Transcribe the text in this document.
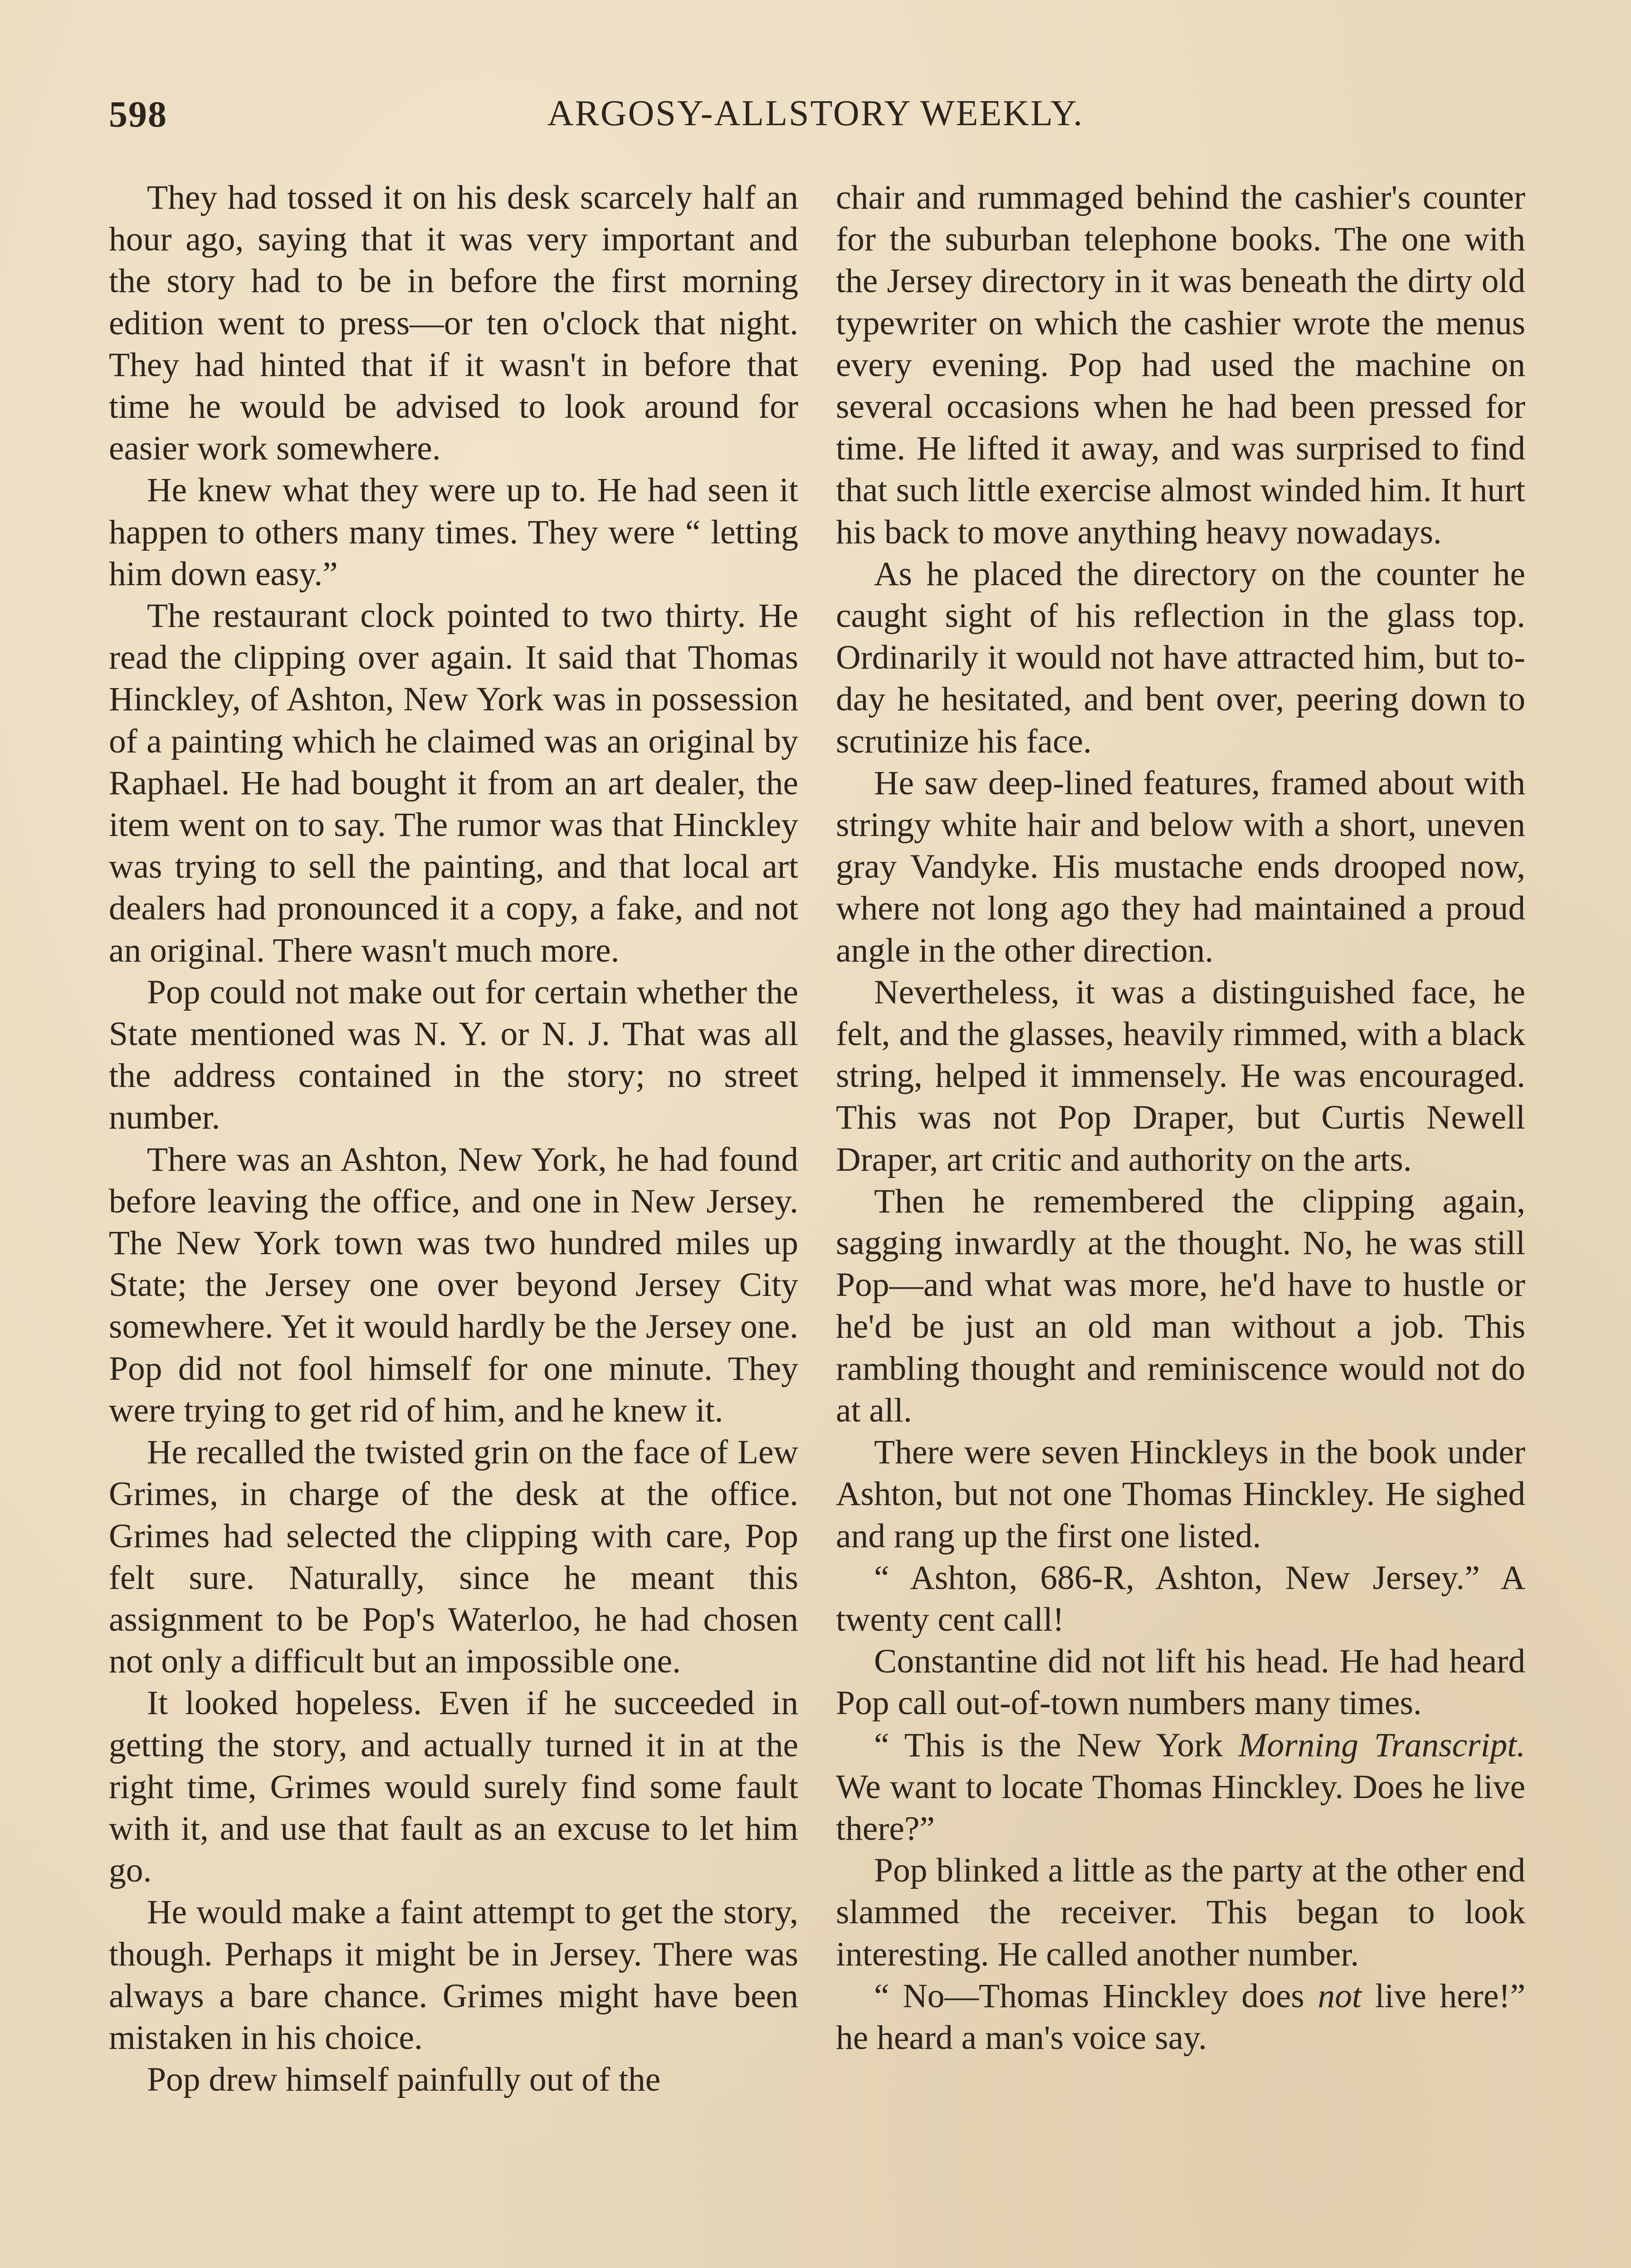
598	ARGOSY-ALLSTORY WEEKLY.

They had tossed it on his desk scarcely half an hour ago, saying that it was very important and the story had to be in before the first morning edition went to press—or ten o'clock that night. They had hinted that if it wasn't in before that time he would be advised to look around for easier work somewhere.

He knew what they were up to. He had seen it happen to others many times. They were “ letting him down easy.”

The restaurant clock pointed to two thirty. He read the clipping over again. It said that Thomas Hinckley, of Ashton, New York was in possession of a painting which he claimed was an original by Raphael. He had bought it from an art dealer, the item went on to say. The rumor was that Hinckley was trying to sell the painting, and that local art dealers had pronounced it a copy, a fake, and not an original. There wasn't much more.

Pop could not make out for certain whether the State mentioned was N. Y. or N. J. That was all the address contained in the story; no street number.

There was an Ashton, New York, he had found before leaving the office, and one in New Jersey. The New York town was two hundred miles up State; the Jersey one over beyond Jersey City somewhere. Yet it would hardly be the Jersey one. Pop did not fool himself for one minute. They were trying to get rid of him, and he knew it.

He recalled the twisted grin on the face of Lew Grimes, in charge of the desk at the office. Grimes had selected the clipping with care, Pop felt sure. Naturally, since he meant this assignment to be Pop's Waterloo, he had chosen not only a difficult but an impossible one.

It looked hopeless. Even if he succeeded in getting the story, and actually turned it in at the right time, Grimes would surely find some fault with it, and use that fault as an excuse to let him go.

He would make a faint attempt to get the story, though. Perhaps it might be in Jersey. There was always a bare chance. Grimes might have been mistaken in his choice.

Pop drew himself painfully out of the

chair and rummaged behind the cashier's counter for the suburban telephone books. The one with the Jersey directory in it was beneath the dirty old typewriter on which the cashier wrote the menus every evening. Pop had used the machine on several occasions when he had been pressed for time. He lifted it away, and was surprised to find that such little exercise almost winded him. It hurt his back to move anything heavy nowadays.

As he placed the directory on the counter he caught sight of his reflection in the glass top. Ordinarily it would not have attracted him, but to-day he hesitated, and bent over, peering down to scrutinize his face.

He saw deep-lined features, framed about with stringy white hair and below with a short, uneven gray Vandyke. His mustache ends drooped now, where not long ago they had maintained a proud angle in the other direction.

Nevertheless, it was a distinguished face, he felt, and the glasses, heavily rimmed, with a black string, helped it immensely. He was encouraged. This was not Pop Draper, but Curtis Newell Draper, art critic and authority on the arts.

Then he remembered the clipping again, sagging inwardly at the thought. No, he was still Pop—and what was more, he'd have to hustle or he'd be just an old man without a job. This rambling thought and reminiscence would not do at all.

There were seven Hinckleys in the book under Ashton, but not one Thomas Hinckley. He sighed and rang up the first one listed.

“ Ashton, 686-R, Ashton, New Jersey.” A twenty cent call!

Constantine did not lift his head. He had heard Pop call out-of-town numbers many times.

“ This is the New York Morning Transcript. We want to locate Thomas Hinckley. Does he live there?”

Pop blinked a little as the party at the other end slammed the receiver. This began to look interesting. He called another number.

“ No—Thomas Hinckley does not live here!” he heard a man's voice say.
